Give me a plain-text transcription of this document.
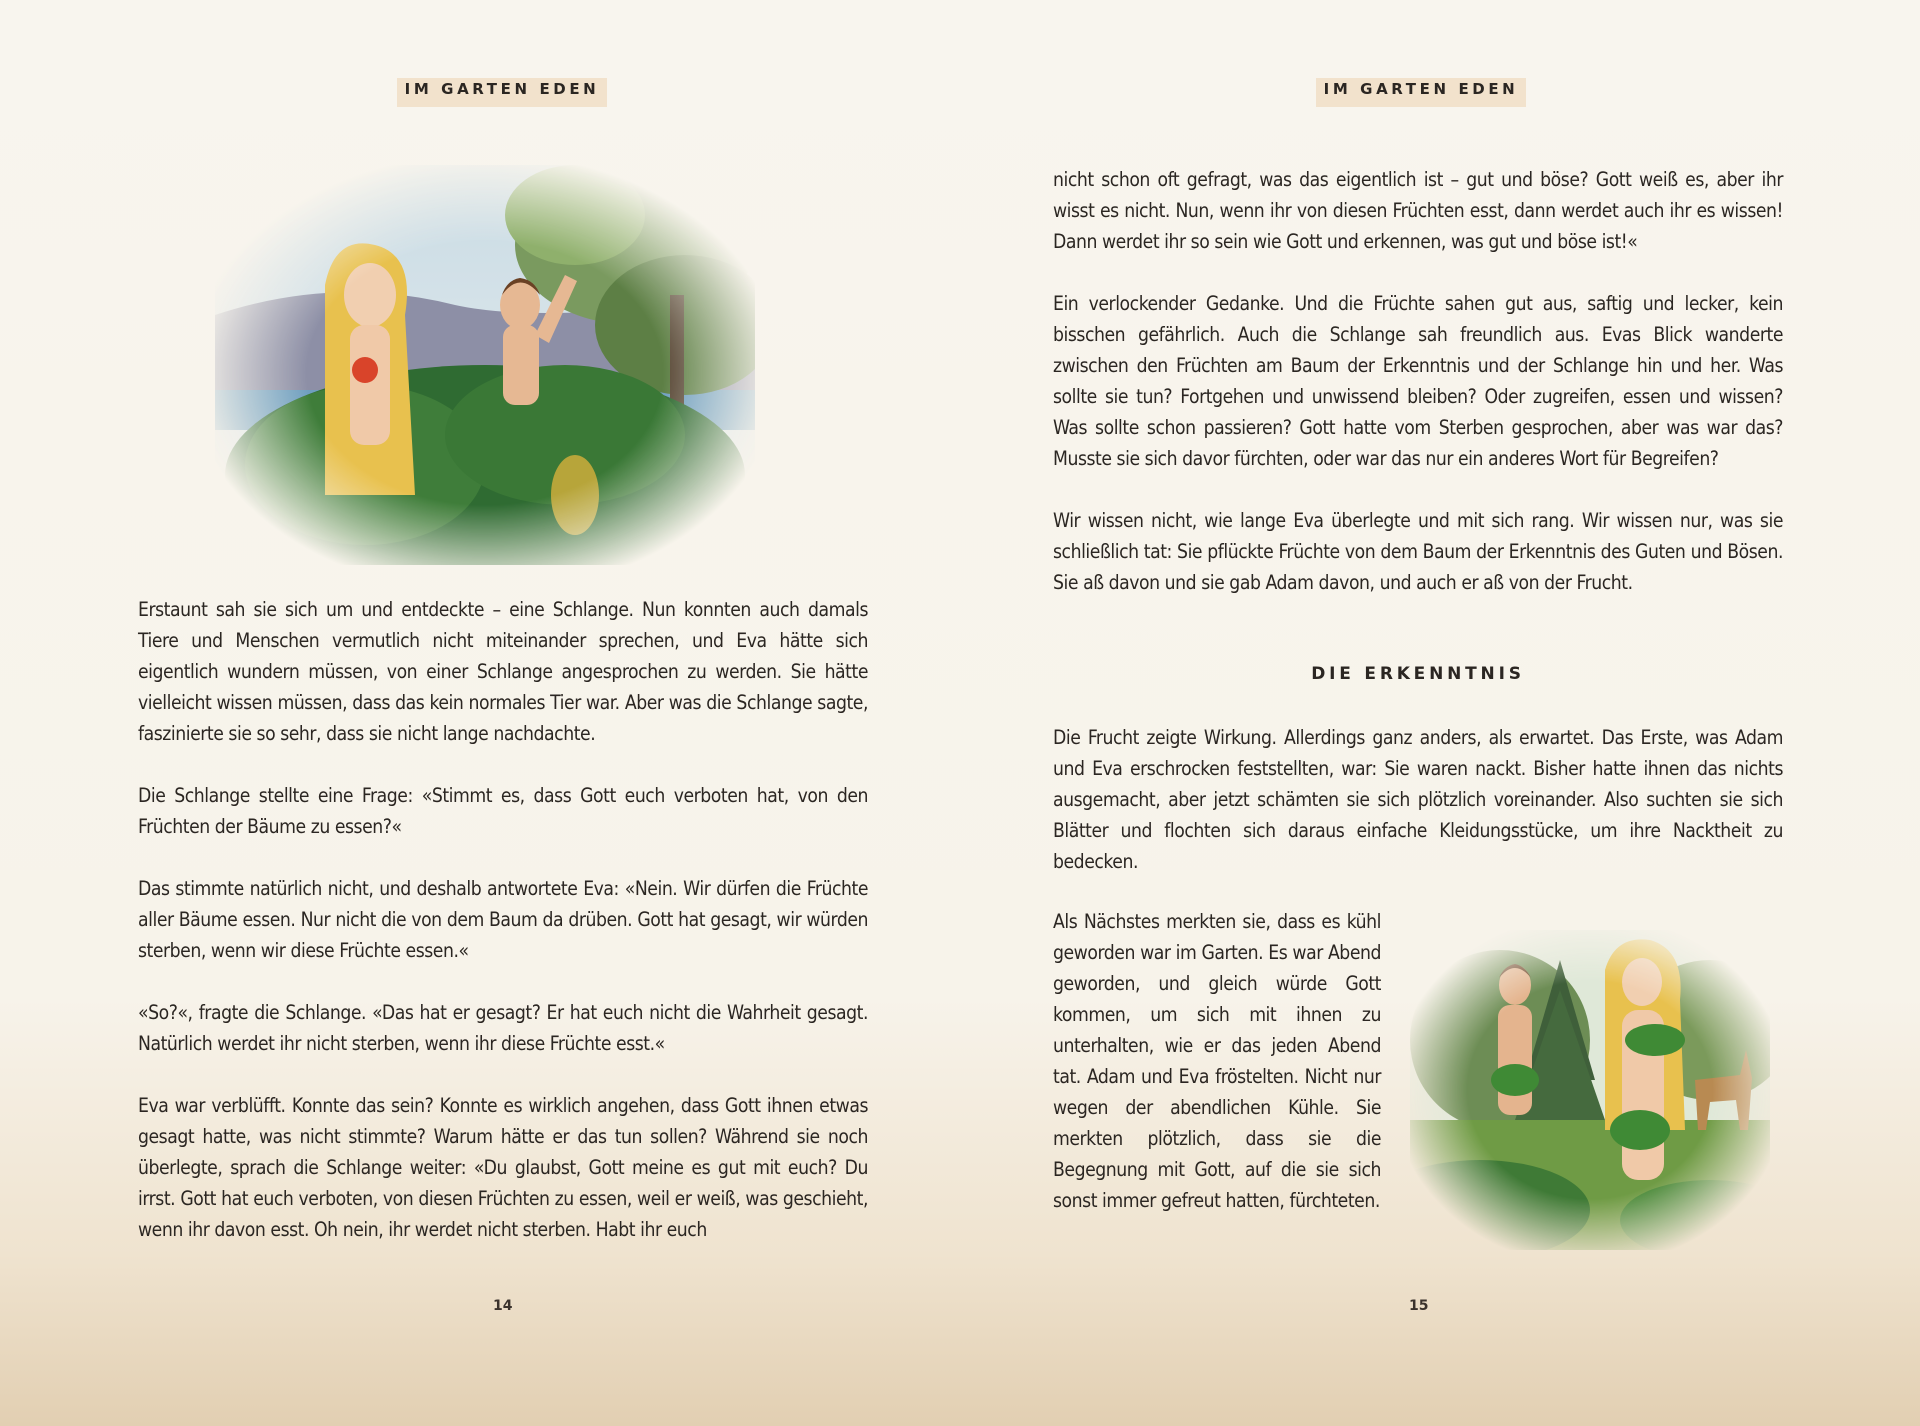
IM GARTEN EDEN

Erstaunt sah sie sich um und entdeckte – eine Schlange. Nun konnten auch damals Tiere und Menschen vermutlich nicht miteinander sprechen, und Eva hätte sich eigentlich wundern müssen, von einer Schlange angesprochen zu werden. Sie hätte vielleicht wissen müssen, dass das kein normales Tier war. Aber was die Schlange sagte, faszinierte sie so sehr, dass sie nicht lange nachdachte.

Die Schlange stellte eine Frage: «Stimmt es, dass Gott euch verboten hat, von den Früchten der Bäume zu essen?«

Das stimmte natürlich nicht, und deshalb antwortete Eva: «Nein. Wir dürfen die Früchte aller Bäume essen. Nur nicht die von dem Baum da drüben. Gott hat gesagt, wir würden sterben, wenn wir diese Früchte essen.«

«So?«, fragte die Schlange. «Das hat er gesagt? Er hat euch nicht die Wahrheit gesagt. Natürlich werdet ihr nicht sterben, wenn ihr diese Früchte esst.«

Eva war verblüfft. Konnte das sein? Konnte es wirklich angehen, dass Gott ihnen etwas gesagt hatte, was nicht stimmte? Warum hätte er das tun sollen? Während sie noch überlegte, sprach die Schlange weiter: «Du glaubst, Gott meine es gut mit euch? Du irrst. Gott hat euch verboten, von diesen Früchten zu essen, weil er weiß, was geschieht, wenn ihr davon esst. Oh nein, ihr werdet nicht sterben. Habt ihr euch

14
IM GARTEN EDEN

nicht schon oft gefragt, was das eigentlich ist – gut und böse? Gott weiß es, aber ihr wisst es nicht. Nun, wenn ihr von diesen Früchten esst, dann werdet auch ihr es wissen! Dann werdet ihr so sein wie Gott und erkennen, was gut und böse ist!«

Ein verlockender Gedanke. Und die Früchte sahen gut aus, saftig und lecker, kein bisschen gefährlich. Auch die Schlange sah freundlich aus. Evas Blick wanderte zwischen den Früchten am Baum der Erkenntnis und der Schlange hin und her. Was sollte sie tun? Fortgehen und unwissend bleiben? Oder zugreifen, essen und wissen? Was sollte schon passieren? Gott hatte vom Sterben gesprochen, aber was war das? Musste sie sich davor fürchten, oder war das nur ein anderes Wort für Begreifen?

Wir wissen nicht, wie lange Eva überlegte und mit sich rang. Wir wissen nur, was sie schließlich tat: Sie pflückte Früchte von dem Baum der Erkenntnis des Guten und Bösen. Sie aß davon und sie gab Adam davon, und auch er aß von der Frucht.

DIE ERKENNTNIS

Die Frucht zeigte Wirkung. Allerdings ganz anders, als erwartet. Das Erste, was Adam und Eva erschrocken feststellten, war: Sie waren nackt. Bisher hatte ihnen das nichts ausgemacht, aber jetzt schämten sie sich plötzlich voreinander. Also suchten sie sich Blätter und flochten sich daraus einfache Kleidungsstücke, um ihre Nacktheit zu bedecken.

Als Nächstes merkten sie, dass es kühl geworden war im Garten. Es war Abend geworden, und gleich würde Gott kommen, um sich mit ihnen zu unterhalten, wie er das jeden Abend tat. Adam und Eva fröstelten. Nicht nur wegen der abendlichen Kühle. Sie merkten plötzlich, dass sie die Begegnung mit Gott, auf die sie sich sonst immer gefreut hatten, fürchteten.

15
